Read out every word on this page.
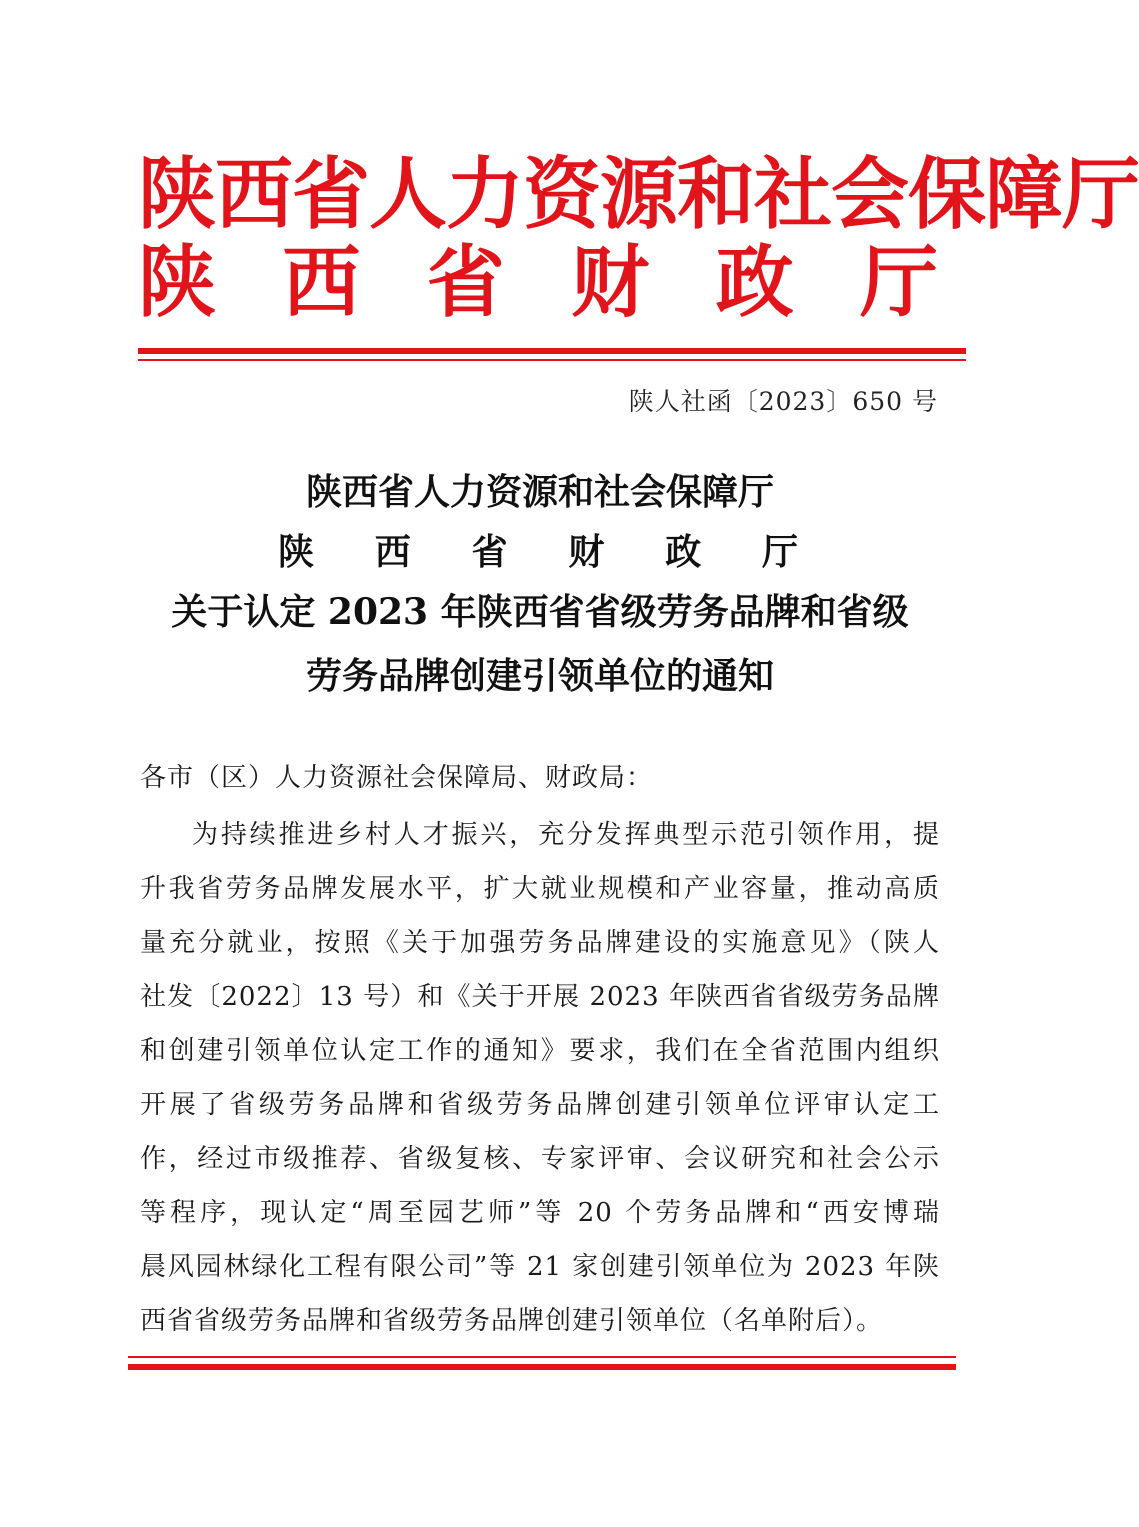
陕西省人力资源和社会保障厅
陕 西 省 财 政 厅
陕人社函〔2023〕650 号
陕西省人力资源和社会保障厅
陕 西 省 财 政 厅
关于认定 2023 年陕西省省级劳务品牌和省级
劳务品牌创建引领单位的通知
各市（区）人力资源社会保障局、财政局：
为持续推进乡村人才振兴，充分发挥典型示范引领作用，提
升我省劳务品牌发展水平，扩大就业规模和产业容量，推动高质
量充分就业，按照《关于加强劳务品牌建设的实施意见》（陕人
社发〔2022〕13 号）和《关于开展 2023 年陕西省省级劳务品牌
和创建引领单位认定工作的通知》要求，我们在全省范围内组织
开展了省级劳务品牌和省级劳务品牌创建引领单位评审认定工
作，经过市级推荐、省级复核、专家评审、会议研究和社会公示
等程序，现认定“周至园艺师”等 20 个劳务品牌和“西安博瑞
晨风园林绿化工程有限公司”等 21 家创建引领单位为 2023 年陕
西省省级劳务品牌和省级劳务品牌创建引领单位（名单附后）。
